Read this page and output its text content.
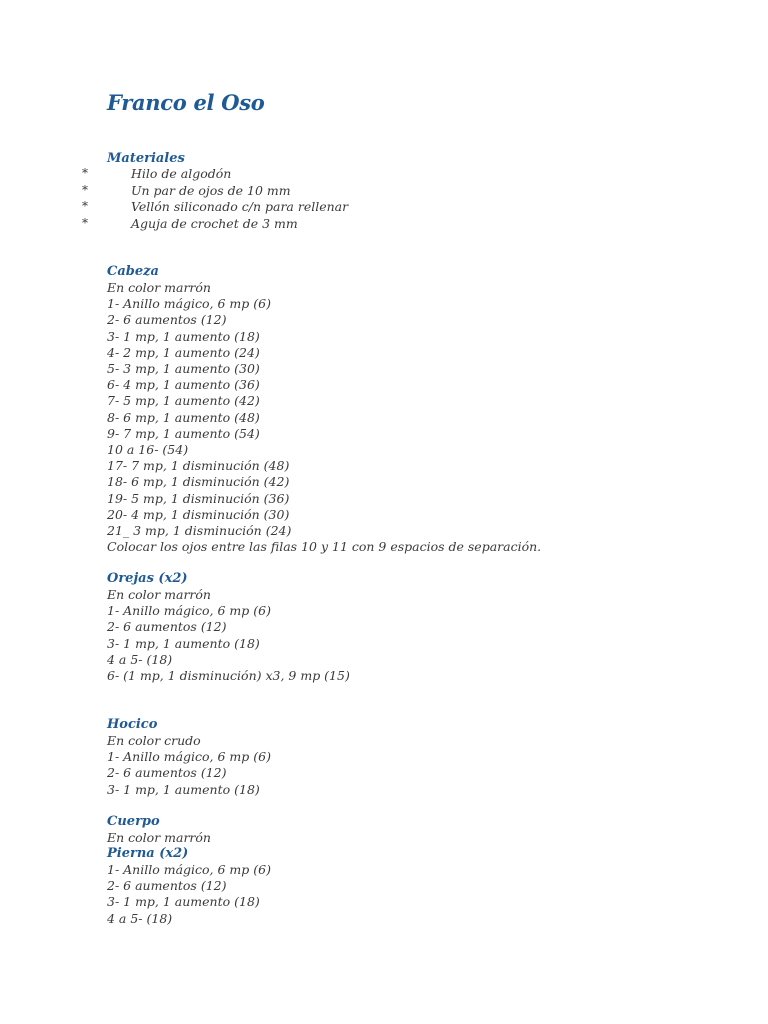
Franco el Oso
Materiales
*	Hilo de algodón
*	Un par de ojos de 10 mm
*	Vellón siliconado c/n para rellenar
*	Aguja de crochet de 3 mm
Cabeza
En color marrón
1- Anillo mágico, 6 mp (6)
2- 6 aumentos (12)
3- 1 mp, 1 aumento (18)
4- 2 mp, 1 aumento (24)
5- 3 mp, 1 aumento (30)
6- 4 mp, 1 aumento (36)
7- 5 mp, 1 aumento (42)
8- 6 mp, 1 aumento (48)
9- 7 mp, 1 aumento (54)
10 a 16- (54)
17- 7 mp, 1 disminución (48)
18- 6 mp, 1 disminución (42)
19- 5 mp, 1 disminución (36)
20- 4 mp, 1 disminución (30)
21_ 3 mp, 1 disminución (24)
Colocar los ojos entre las filas 10 y 11 con 9 espacios de separación.
Orejas (x2)
En color marrón
1- Anillo mágico, 6 mp (6)
2- 6 aumentos (12)
3- 1 mp, 1 aumento (18)
4 a 5- (18)
6- (1 mp, 1 disminución) x3, 9 mp (15)
Hocico
En color crudo
1- Anillo mágico, 6 mp (6)
2- 6 aumentos (12)
3- 1 mp, 1 aumento (18)
Cuerpo
En color marrón
Pierna (x2)
1- Anillo mágico, 6 mp (6)
2- 6 aumentos (12)
3- 1 mp, 1 aumento (18)
4 a 5- (18)
